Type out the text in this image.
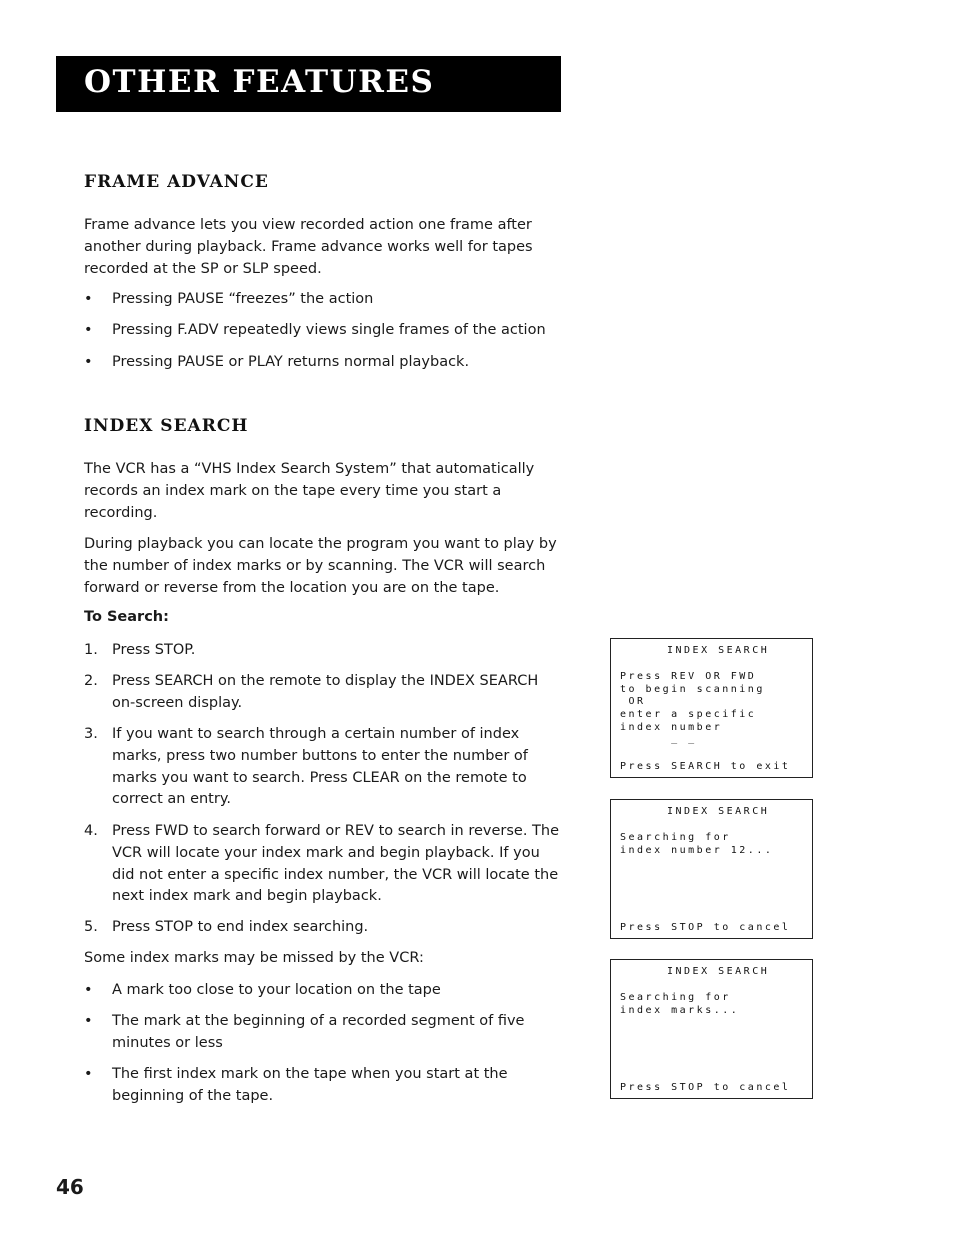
OTHER FEATURES
FRAME ADVANCE

Frame advance lets you view recorded action one frame after another during playback. Frame advance works well for tapes recorded at the SP or SLP speed.

• Pressing PAUSE “freezes” the action
• Pressing F.ADV repeatedly views single frames of the action
• Pressing PAUSE or PLAY returns normal playback.
INDEX SEARCH

The VCR has a “VHS Index Search System” that automatically records an index mark on the tape every time you start a recording.

During playback you can locate the program you want to play by the number of index marks or by scanning. The VCR will search forward or reverse from the location you are on the tape.

To Search:
1. Press STOP.
2. Press SEARCH on the remote to display the INDEX SEARCH on-screen display.
3. If you want to search through a certain number of index marks, press two number buttons to enter the number of marks you want to search. Press CLEAR on the remote to correct an entry.
4. Press FWD to search forward or REV to search in reverse. The VCR will locate your index mark and begin playback. If you did not enter a specific index number, the VCR will locate the next index mark and begin playback.
5. Press STOP to end index searching.

Some index marks may be missed by the VCR:

• A mark too close to your location on the tape
• The mark at the beginning of a recorded segment of five minutes or less
• The first index mark on the tape when you start at the beginning of the tape.
INDEX SEARCH
Press REV OR FWD
to begin scanning
OR
enter a specific
index number
_ _
Press SEARCH to exit
INDEX SEARCH
Searching for
index number 12...
Press STOP to cancel
INDEX SEARCH
Searching for
index marks...
Press STOP to cancel
46
